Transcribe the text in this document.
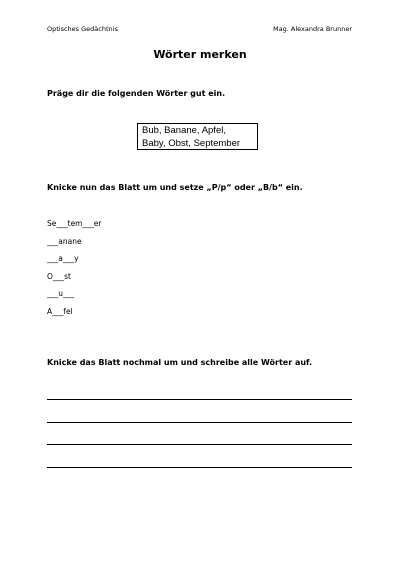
Optisches Gedächtnis	Mag. Alexandra Brunner
Wörter merken
Präge dir die folgenden Wörter gut ein.
Bub, Banane, Apfel,
Baby, Obst, September
Knicke nun das Blatt um und setze „P/p“ oder „B/b“ ein.
Se___tem___er
___anane
___a___y
O___st
___u___
A___fel
Knicke das Blatt nochmal um und schreibe alle Wörter auf.
